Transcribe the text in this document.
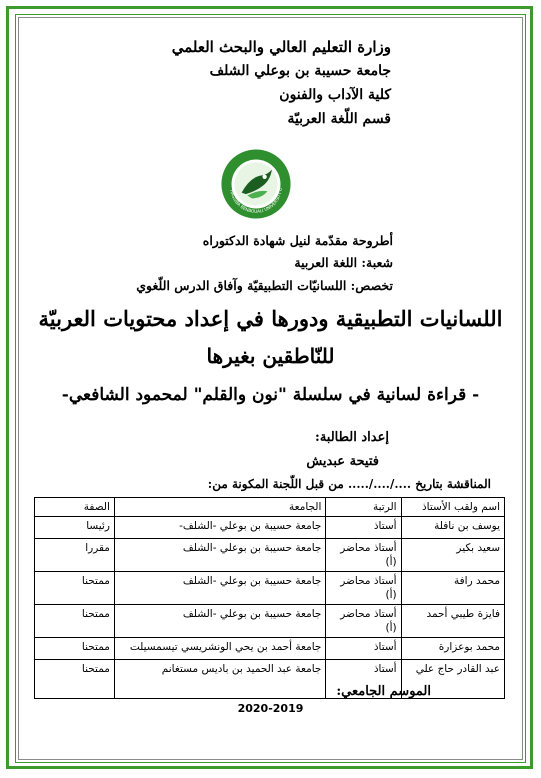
وزارة التعليم العالي والبحث العلمي
جامعة حسيبة بن بوعلي الشلف
كلية الآداب والفنون
قسم اللّغة العربيّة
HASSIBA BENBOUALI UNIVERSITY O
أطروحة مقدّمة لنيل شهادة الدكتوراه
شعبة: اللغة العربية
تخصص: اللسانيّات التطبيقيّة وآفاق الدرس اللّغوي
اللسانيات التطبيقية ودورها في إعداد محتويات العربيّة
للنّاطقين بغيرها
- قراءة لسانية في سلسلة "نون والقلم" لمحمود الشافعي-
إعداد الطالبة:
فتيحة عبديش
المناقشة بتاريخ ..../..../..... من قبل اللّجنة المكونة من:
اسم ولقب الأستاذ	الرتبة	الجامعة	الصفة
يوسف بن نافلة	أستاذ	جامعة حسيبة بن بوعلي -الشلف-	رئيسا
سعيد بكير	أستاذ محاضر (أ)	جامعة حسيبة بن بوعلي -الشلف	مقررا
محمد رافة	أستاذ محاضر (أ)	جامعة حسيبة بن بوعلي -الشلف	ممتحنا
فايزة طيبي أحمد	أستاذ محاضر (أ)	جامعة حسيبة بن بوعلي -الشلف	ممتحنا
محمد بوعزارة	أستاذ	جامعة أحمد بن يحي الونشريسي تيسمسيلت	ممتحنا
عبد القادر حاج علي	أستاذ	جامعة عبد الحميد بن باديس مستغانم	ممتحنا
الموسم الجامعي:
2020-2019
